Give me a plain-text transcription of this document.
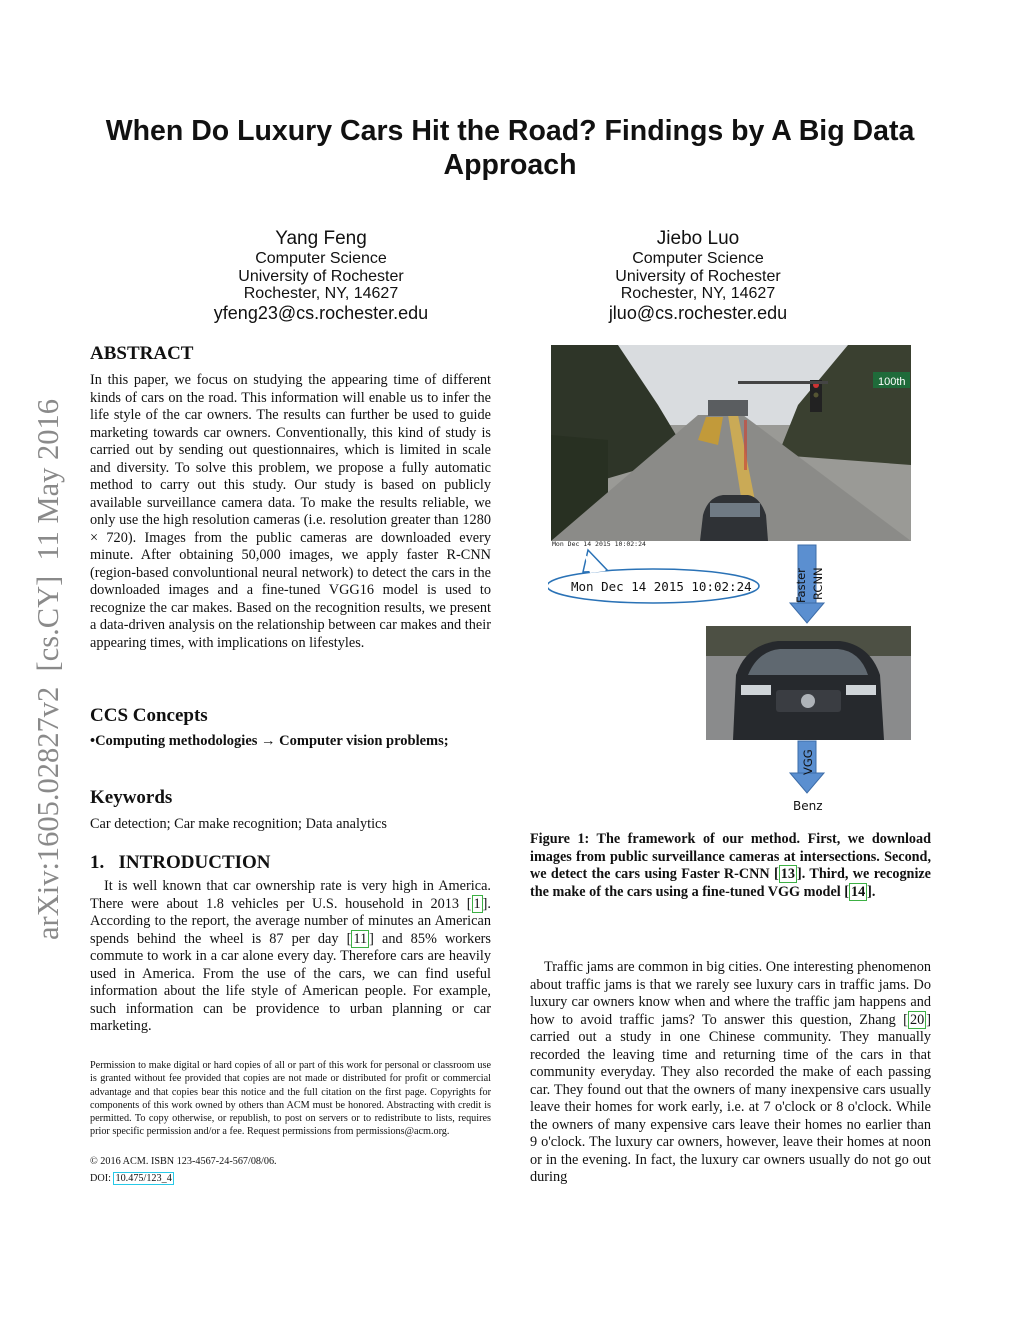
arXiv:1605.02827v2  [cs.CY]  11 May 2016
When Do Luxury Cars Hit the Road? Findings by A Big Data Approach
Yang Feng
Computer Science
University of Rochester
Rochester, NY, 14627
yfeng23@cs.rochester.edu
Jiebo Luo
Computer Science
University of Rochester
Rochester, NY, 14627
jluo@cs.rochester.edu
ABSTRACT

In this paper, we focus on studying the appearing time of different kinds of cars on the road. This information will enable us to infer the life style of the car owners. The results can further be used to guide marketing towards car owners. Conventionally, this kind of study is carried out by sending out questionnaires, which is limited in scale and diversity. To solve this problem, we propose a fully automatic method to carry out this study. Our study is based on publicly available surveillance camera data. To make the results reliable, we only use the high resolution cameras (i.e. resolution greater than 1280 × 720). Images from the public cameras are downloaded every minute. After obtaining 50,000 images, we apply faster R-CNN (region-based convoluntional neural network) to detect the cars in the downloaded images and a fine-tuned VGG16 model is used to recognize the car makes. Based on the recognition results, we present a data-driven analysis on the relationship between car makes and their appearing times, with implications on lifestyles.

CCS Concepts

•Computing methodologies → Computer vision problems;

Keywords

Car detection; Car make recognition; Data analytics

1.   INTRODUCTION

It is well known that car ownership rate is very high in America. There were about 1.8 vehicles per U.S. household in 2013 [ 1 ]. According to the report, the average number of minutes an American spends behind the wheel is 87 per day [ 11 ] and 85% workers commute to work in a car alone every day. Therefore cars are heavily used in America. From the use of the cars, we can find useful information about the life style of American people. For example, such information can be providence to urban planning or car marketing.

Permission to make digital or hard copies of all or part of this work for personal or classroom use is granted without fee provided that copies are not made or distributed for profit or commercial advantage and that copies bear this notice and the full citation on the first page. Copyrights for components of this work owned by others than ACM must be honored. Abstracting with credit is permitted. To copy otherwise, or republish, to post on servers or to redistribute to lists, requires prior specific permission and/or a fee. Request permissions from permissions@acm.org.

© 2016 ACM. ISBN 123-4567-24-567/08/06.

DOI: 10.475/123_4

100th
Mon Dec 14 2015 10:02:24
Mon Dec 14 2015 10:02:24	Faster RCNN
VGG
Benz

Figure 1: The framework of our method. First, we download images from public surveillance cameras at intersections. Second, we detect the cars using Faster R-CNN [ 13 ]. Third, we recognize the make of the cars using a fine-tuned VGG model [ 14 ].

Traffic jams are common in big cities. One interesting phenomenon about traffic jams is that we rarely see luxury cars in traffic jams. Do luxury car owners know when and where the traffic jam happens and how to avoid traffic jams? To answer this question, Zhang [ 20 ] carried out a study in one Chinese community. They manually recorded the leaving time and returning time of the cars in that community everyday. They also recorded the make of each passing car. They found out that the owners of many inexpensive cars usually leave their homes for work early, i.e. at 7 o'clock or 8 o'clock. While the owners of many expensive cars leave their homes no earlier than 9 o'clock. The luxury car owners, however, leave their homes at noon or in the evening. In fact, the luxury car owners usually do not go out during
